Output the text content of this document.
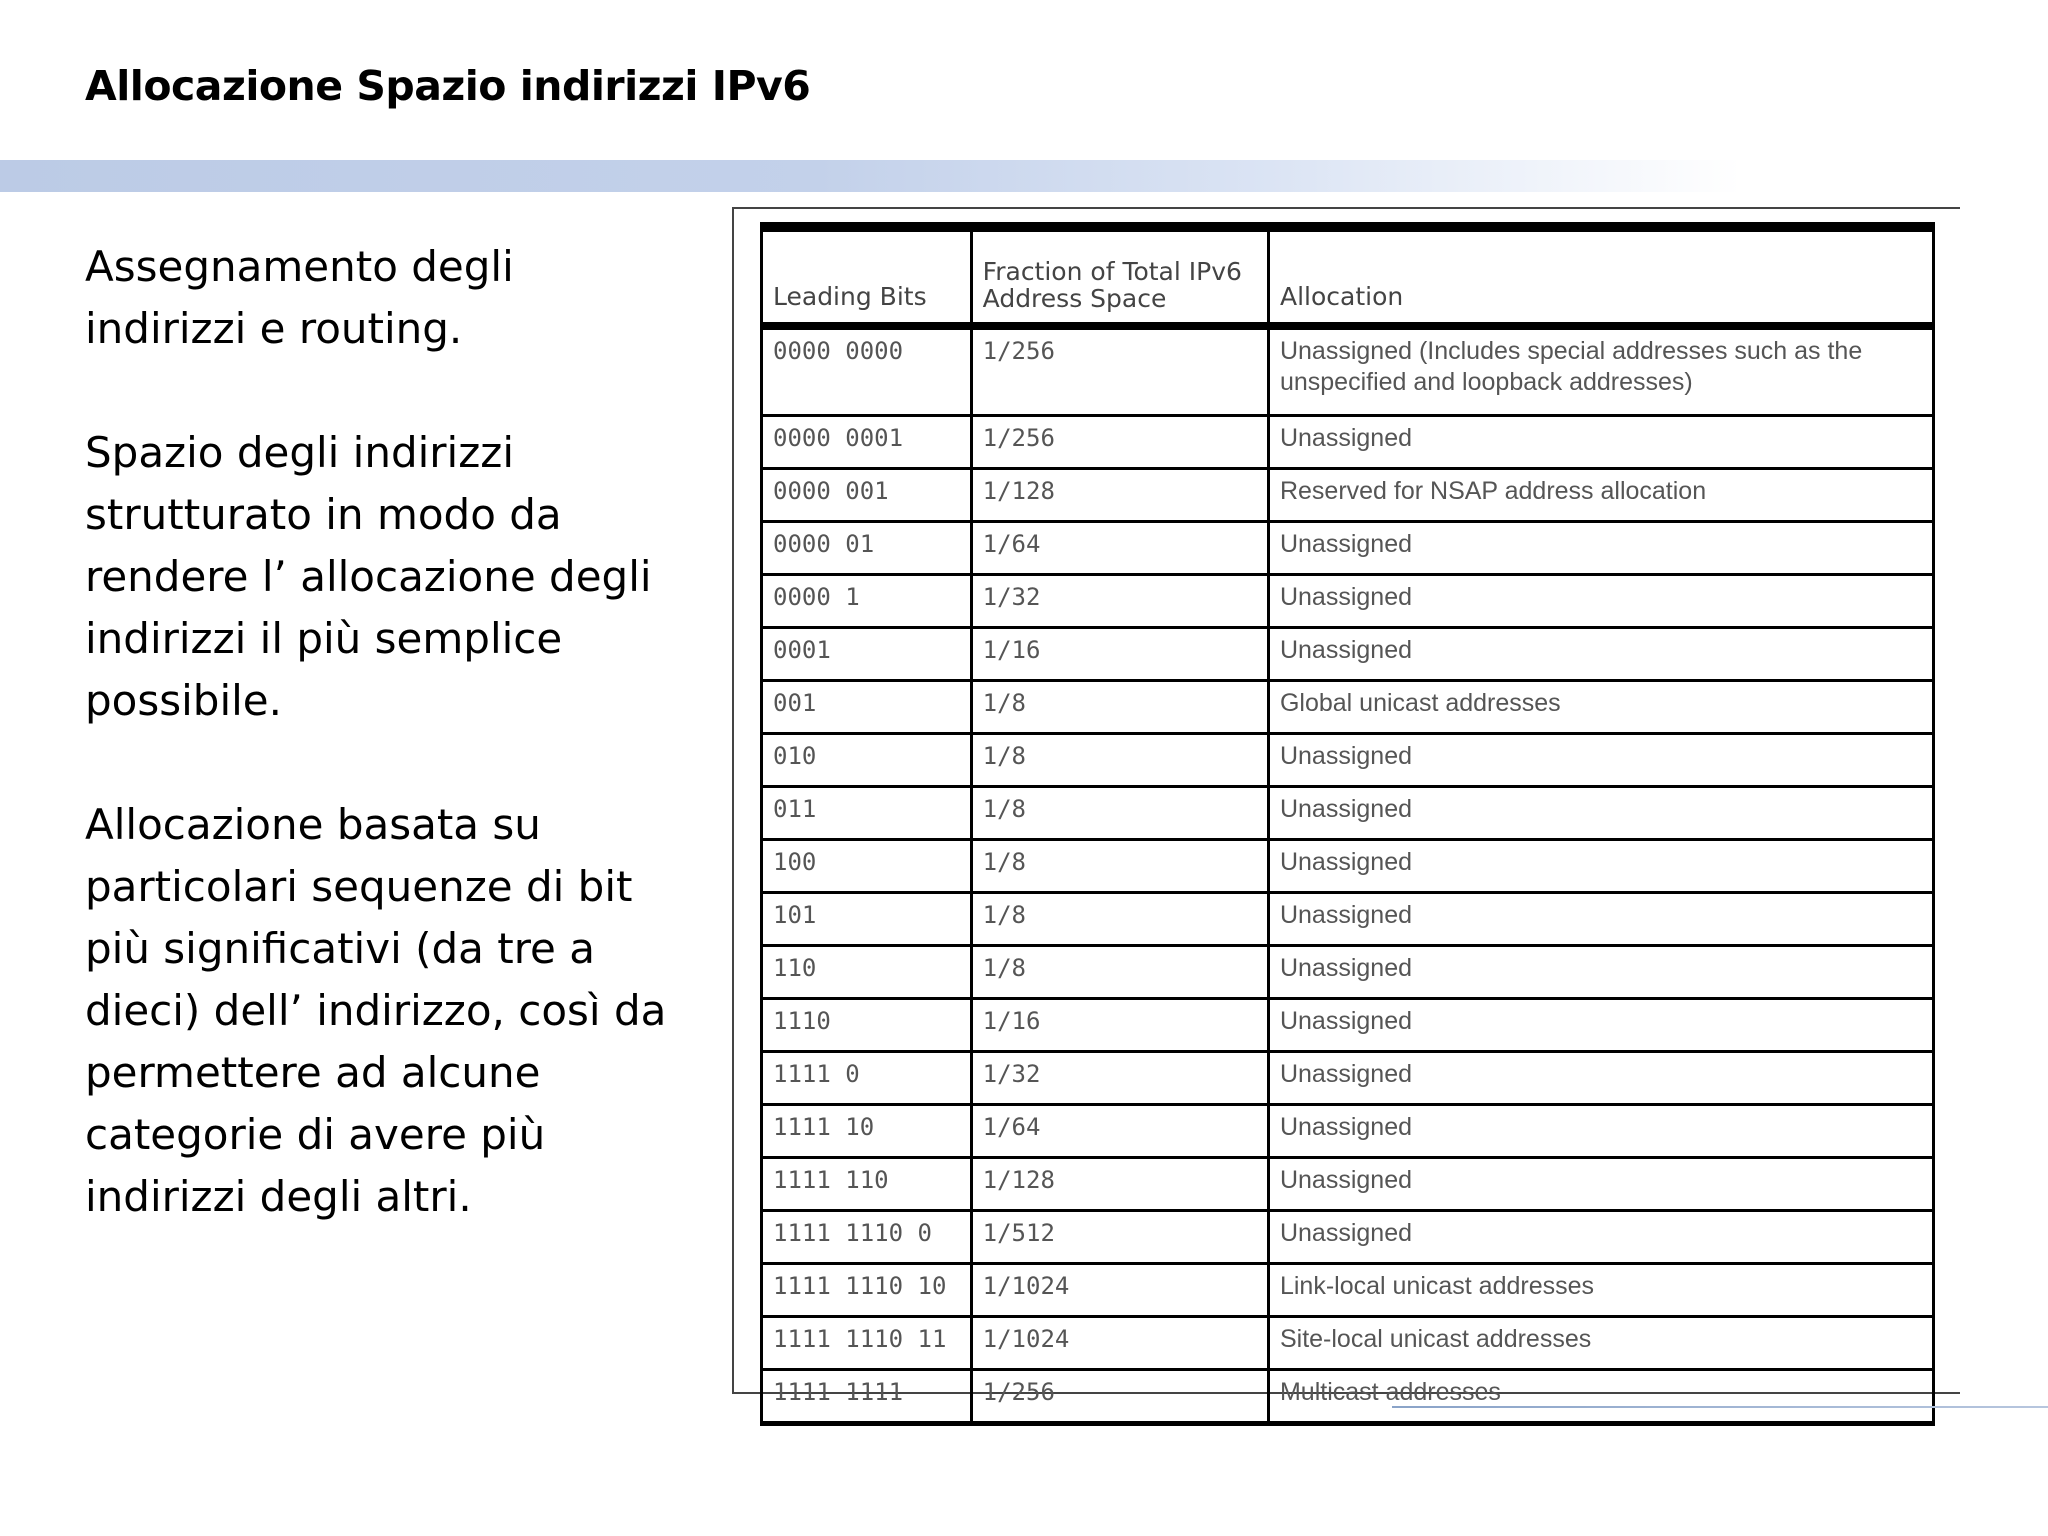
Allocazione Spazio indirizzi IPv6

Assegnamento degli indirizzi e routing.

Spazio degli indirizzi strutturato in modo da rendere l’ allocazione degli indirizzi il più semplice possibile.

Allocazione basata su particolari sequenze di bit più significativi (da tre a dieci) dell’ indirizzo, così da permettere ad alcune categorie di avere più indirizzi degli altri.

Leading Bits	Fraction of Total IPv6 Address Space	Allocation
0000 0000	1/256	Unassigned (Includes special addresses such as the unspecified and loopback addresses)
0000 0001	1/256	Unassigned
0000 001	1/128	Reserved for NSAP address allocation
0000 01	1/64	Unassigned
0000 1	1/32	Unassigned
0001	1/16	Unassigned
001	1/8	Global unicast addresses
010	1/8	Unassigned
011	1/8	Unassigned
100	1/8	Unassigned
101	1/8	Unassigned
110	1/8	Unassigned
1110	1/16	Unassigned
1111 0	1/32	Unassigned
1111 10	1/64	Unassigned
1111 110	1/128	Unassigned
1111 1110 0	1/512	Unassigned
1111 1110 10	1/1024	Link-local unicast addresses
1111 1110 11	1/1024	Site-local unicast addresses
1111 1111	1/256	Multicast addresses
